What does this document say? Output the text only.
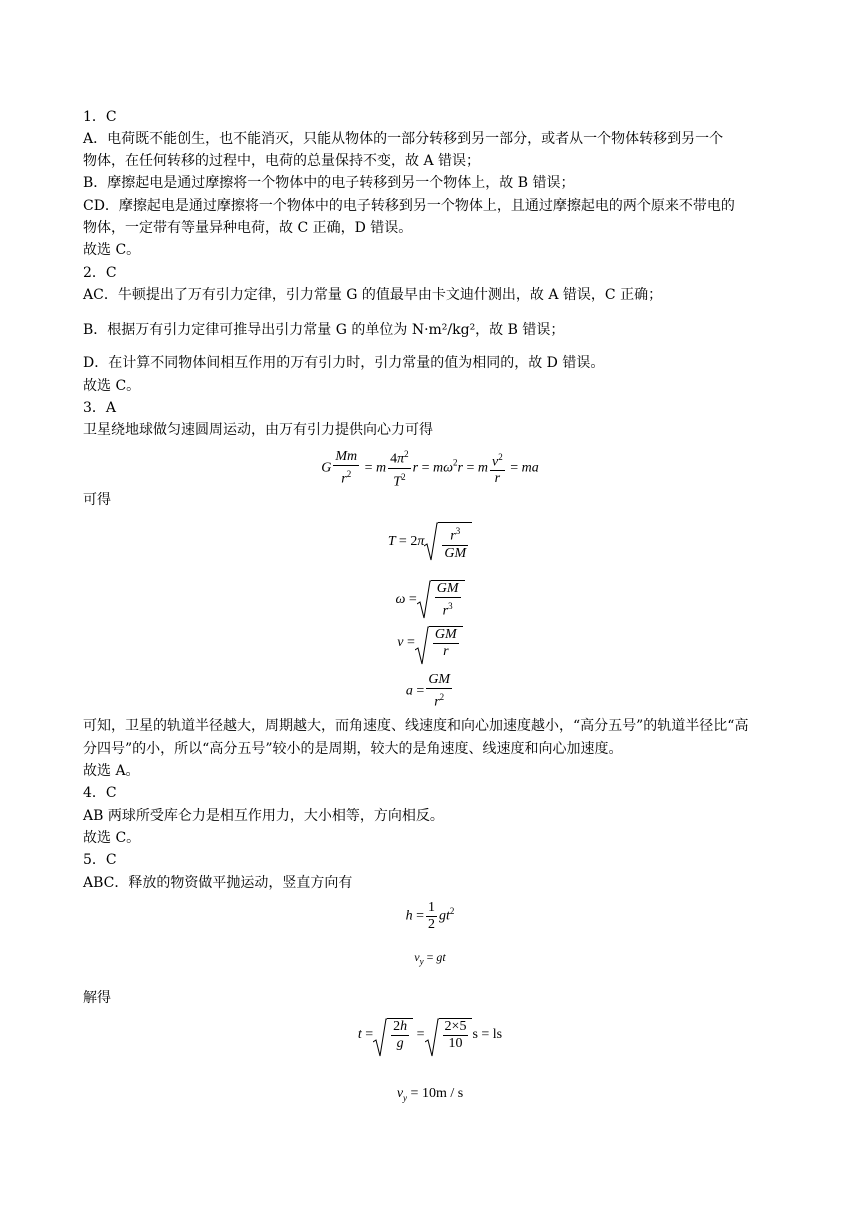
1．C
A．电荷既不能创生，也不能消灭，只能从物体的一部分转移到另一部分，或者从一个物体转移到另一个
物体，在任何转移的过程中，电荷的总量保持不变，故 A 错误；
B．摩擦起电是通过摩擦将一个物体中的电子转移到另一个物体上，故 B 错误；
CD．摩擦起电是通过摩擦将一个物体中的电子转移到另一个物体上，且通过摩擦起电的两个原来不带电的
物体，一定带有等量异种电荷，故 C 正确，D 错误。
故选 C。
2．C
AC．牛顿提出了万有引力定律，引力常量 G 的值最早由卡文迪什测出，故 A 错误，C 正确；
B．根据万有引力定律可推导出引力常量 G 的单位为 N·m²/kg²，故 B 错误；
D．在计算不同物体间相互作用的万有引力时，引力常量的值为相同的，故 D 错误。
故选 C。
3．A
卫星绕地球做匀速圆周运动，由万有引力提供向心力可得
G $\frac{Mm}{r^2} = m \frac{4\pi^2}{T^2}$ $r = m\omega^2r = m \frac{v^2}{r}$ = ma
可得
$T = 2\pi \frac{r^3}{GM}$
$\omega = \frac{GM}{r^3}$
$v = \frac{GM}{r}$
$a = \frac{GM}{r^2}$
可知，卫星的轨道半径越大，周期越大，而角速度、线速度和向心加速度越小，“高分五号”的轨道半径比“高
分四号”的小，所以“高分五号”较小的是周期，较大的是角速度、线速度和向心加速度。
故选 A。
4．C
AB 两球所受库仑力是相互作用力，大小相等，方向相反。
故选 C。
5．C
ABC．释放的物资做平抛运动，竖直方向有
$h = \frac{1}{2} gt^2$
$v_y$ = gt
解得
$t = \frac{2h}{g} = \frac{2\times 5}{10}$ s = ls
$v_y = 10m / s$
